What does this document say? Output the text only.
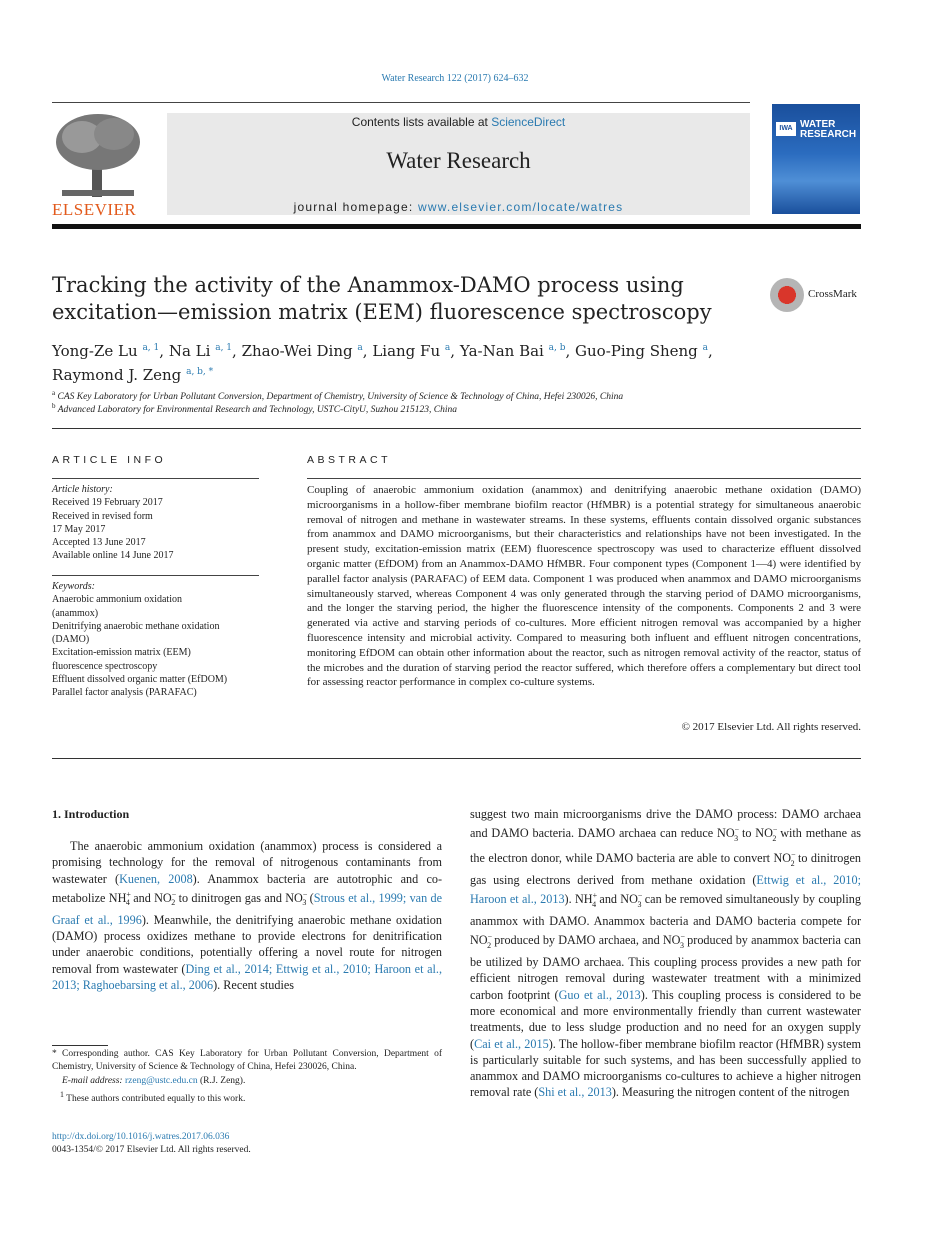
Water Research 122 (2017) 624–632
ELSEVIER
Contents lists available at ScienceDirect
Water Research
journal homepage: www.elsevier.com/locate/watres
IWA WATER
RESEARCH
Tracking the activity of the Anammox-DAMO process using excitation—emission matrix (EEM) fluorescence spectroscopy
CrossMark
Yong-Ze Lu $^{a, 1}$, Na Li $^{a, 1}$, Zhao-Wei Ding $^a$, Liang Fu $^a$, Ya-Nan Bai $^{a, b}$, Guo-Ping Sheng $^a$,
Raymond J. Zeng $^{a, b, *}$
$^a$ CAS Key Laboratory for Urban Pollutant Conversion, Department of Chemistry, University of Science & Technology of China, Hefei 230026, China
$^b$ Advanced Laboratory for Environmental Research and Technology, USTC-CityU, Suzhou 215123, China
ARTICLE INFO
Article history:
Received 19 February 2017
Received in revised form
17 May 2017
Accepted 13 June 2017
Available online 14 June 2017
Keywords:
Anaerobic ammonium oxidation
(anammox)
Denitrifying anaerobic methane oxidation
(DAMO)
Excitation-emission matrix (EEM)
fluorescence spectroscopy
Effluent dissolved organic matter (EfDOM)
Parallel factor analysis (PARAFAC)
ABSTRACT
Coupling of anaerobic ammonium oxidation (anammox) and denitrifying anaerobic methane oxidation (DAMO) microorganisms in a hollow-fiber membrane biofilm reactor (HfMBR) is a potential strategy for simultaneous anaerobic removal of nitrogen and methane in wastewater streams. In these systems, effluents contain dissolved organic substances from anammox and DAMO microorganisms, but their characteristics and relationships have not been investigated. In the present study, excitation-emission matrix (EEM) fluorescence spectroscopy was used to characterize effluent dissolved organic matter (EfDOM) from an Anammox-DAMO HfMBR. Four component types (Component 1—4) were identified by parallel factor analysis (PARAFAC) of EEM data. Component 1 was produced when anammox and DAMO microorganisms simultaneously starved, whereas Component 4 was only generated through the starving period of DAMO microorganisms, and the longer the starving period, the higher the fluorescence intensity of the components. Components 2 and 3 were generated via active and starving periods of co-cultures. More efficient nitrogen removal was accompanied by a higher fluorescence intensity and microbial activity. Compared to measuring both influent and effluent nitrogen concentrations, monitoring EfDOM can obtain other information about the reactor, such as nitrogen removal activity of the reactor, status of the microbes and the duration of starving period the reactor suffered, which therefore offers a complementary but direct tool for assessing reactor performance in complex co-culture systems.
© 2017 Elsevier Ltd. All rights reserved.
1. Introduction
The anaerobic ammonium oxidation (anammox) process is considered a promising technology for the removal of nitrogenous contaminants from wastewater (Kuenen, 2008). Anammox bacteria are autotrophic and co-metabolize $NH^+_4$ and $NO^-_2$ to dinitrogen gas and $NO^-_3$ (Strous et al., 1999; van de Graaf et al., 1996). Meanwhile, the denitrifying anaerobic methane oxidation (DAMO) process oxidizes methane to provide electrons for denitrification under anaerobic conditions, potentially offering a novel route for nitrogen removal from wastewater (Ding et al., 2014; Ettwig et al., 2010; Haroon et al., 2013; Raghoebarsing et al., 2006). Recent studies
suggest two main microorganisms drive the DAMO process: DAMO archaea and DAMO bacteria. DAMO archaea can reduce $NO^-_3$ to $NO^-_2$ with methane as the electron donor, while DAMO bacteria are able to convert $NO^-_2$ to dinitrogen gas using electrons derived from methane oxidation (Ettwig et al., 2010; Haroon et al., 2013). $NH^+_4$ and $NO^-_3$ can be removed simultaneously by coupling anammox with DAMO. Anammox bacteria and DAMO bacteria compete for $NO^-_2$ produced by DAMO archaea, and $NO^-_3$ produced by anammox bacteria can be utilized by DAMO archaea. This coupling process provides a new path for efficient nitrogen removal during wastewater treatment with a minimized carbon footprint (Guo et al., 2013). This coupling process is considered to be more economical and more environmentally friendly than current wastewater treatments, due to less sludge production and no need for an oxygen supply (Cai et al., 2015). The hollow-fiber membrane biofilm reactor (HfMBR) system is particularly suitable for such systems, and has been successfully applied to anammox and DAMO microorganisms co-cultures to achieve a higher nitrogen removal rate (Shi et al., 2013). Measuring the nitrogen content of the nitrogen
* Corresponding author. CAS Key Laboratory for Urban Pollutant Conversion, Department of Chemistry, University of Science & Technology of China, Hefei 230026, China.
E-mail address: rzeng@ustc.edu.cn (R.J. Zeng).
$^1$ These authors contributed equally to this work.
http://dx.doi.org/10.1016/j.watres.2017.06.036
0043-1354/© 2017 Elsevier Ltd. All rights reserved.
